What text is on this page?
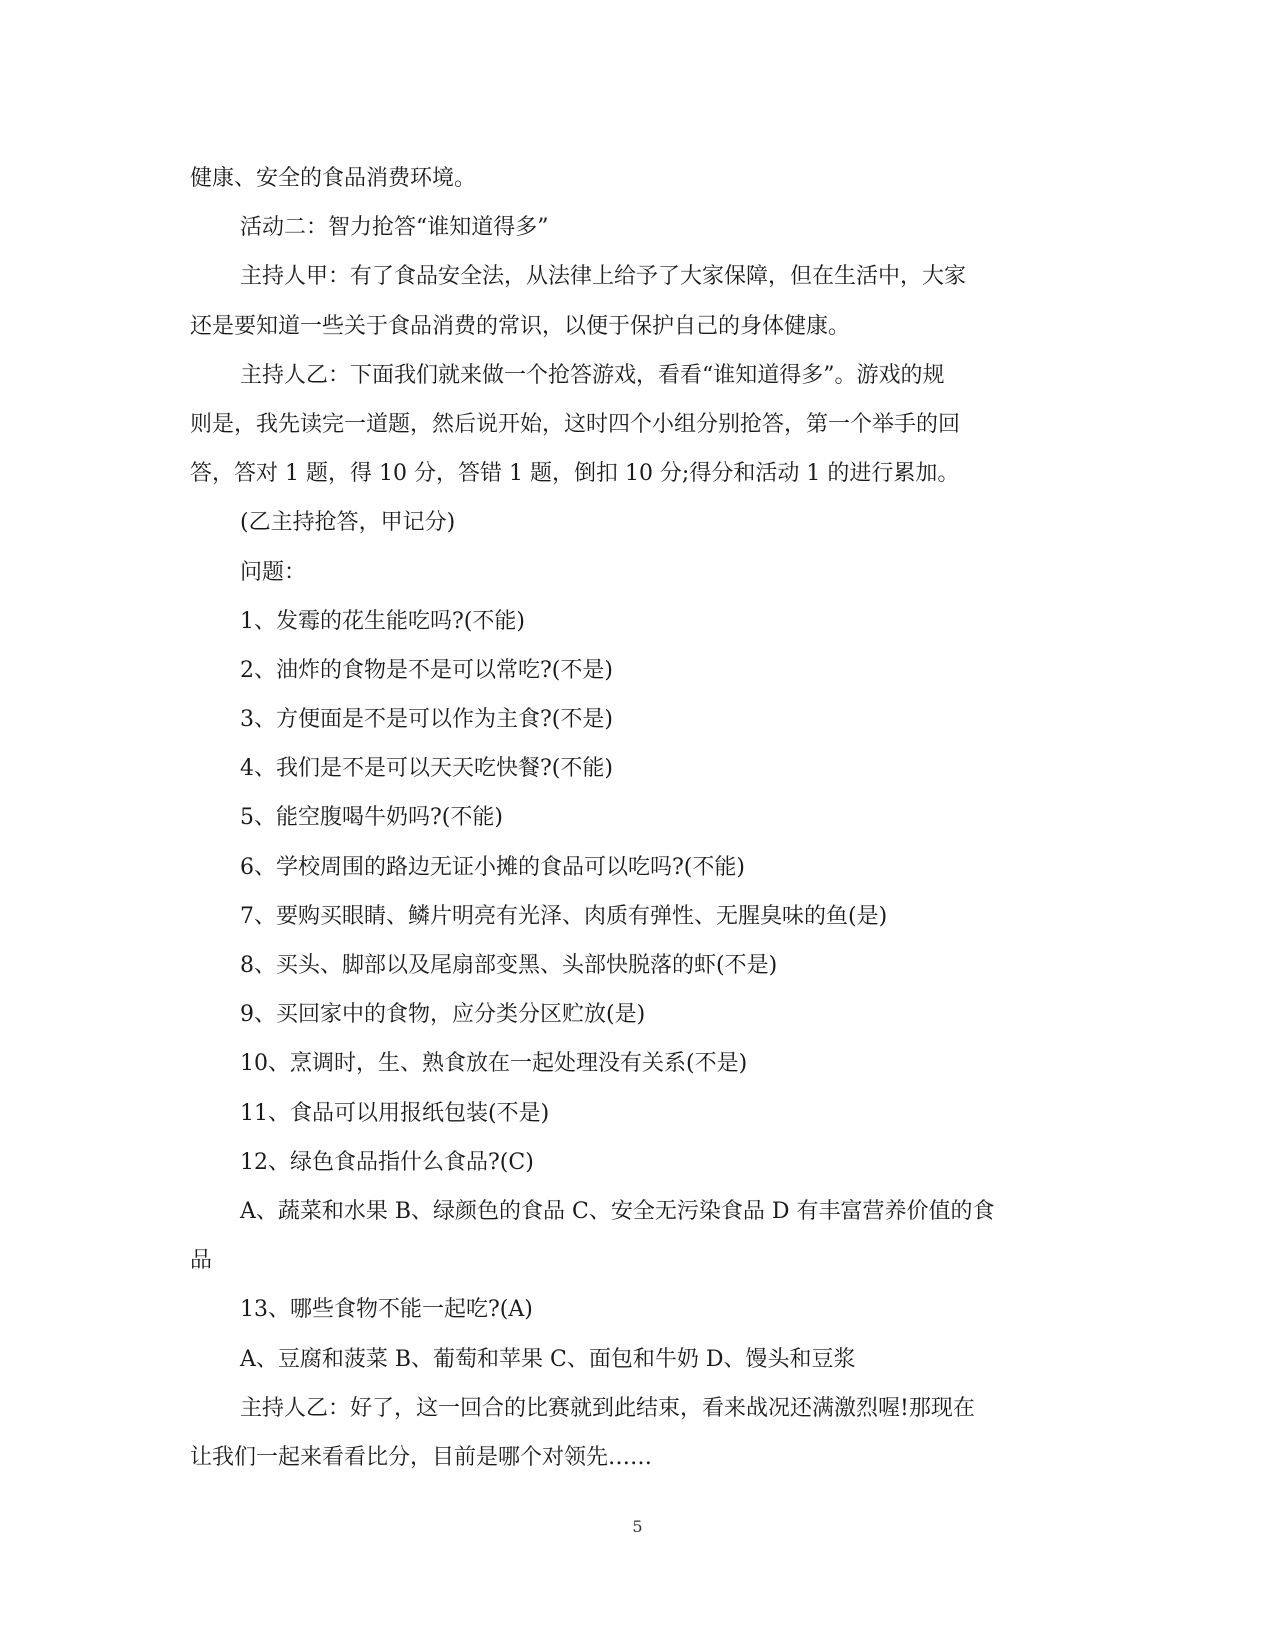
健康、安全的食品消费环境。

活动二：智力抢答“谁知道得多”

主持人甲：有了食品安全法，从法律上给予了大家保障，但在生活中，大家

还是要知道一些关于食品消费的常识，以便于保护自己的身体健康。

主持人乙：下面我们就来做一个抢答游戏，看看“谁知道得多”。游戏的规

则是，我先读完一道题，然后说开始，这时四个小组分别抢答，第一个举手的回

答，答对 1 题，得 10 分，答错 1 题，倒扣 10 分;得分和活动 1 的进行累加。

(乙主持抢答，甲记分)

问题：

1、发霉的花生能吃吗?(不能)

2、油炸的食物是不是可以常吃?(不是)

3、方便面是不是可以作为主食?(不是)

4、我们是不是可以天天吃快餐?(不能)

5、能空腹喝牛奶吗?(不能)

6、学校周围的路边无证小摊的食品可以吃吗?(不能)

7、要购买眼睛、鳞片明亮有光泽、肉质有弹性、无腥臭味的鱼(是)

8、买头、脚部以及尾扇部变黑、头部快脱落的虾(不是)

9、买回家中的食物，应分类分区贮放(是)

10、烹调时，生、熟食放在一起处理没有关系(不是)

11、食品可以用报纸包装(不是)

12、绿色食品指什么食品?(C)

A、蔬菜和水果 B、绿颜色的食品 C、安全无污染食品 D 有丰富营养价值的食

品

13、哪些食物不能一起吃?(A)

A、豆腐和菠菜 B、葡萄和苹果 C、面包和牛奶 D、馒头和豆浆

主持人乙：好了，这一回合的比赛就到此结束，看来战况还满激烈喔!那现在

让我们一起来看看比分，目前是哪个对领先……

5
